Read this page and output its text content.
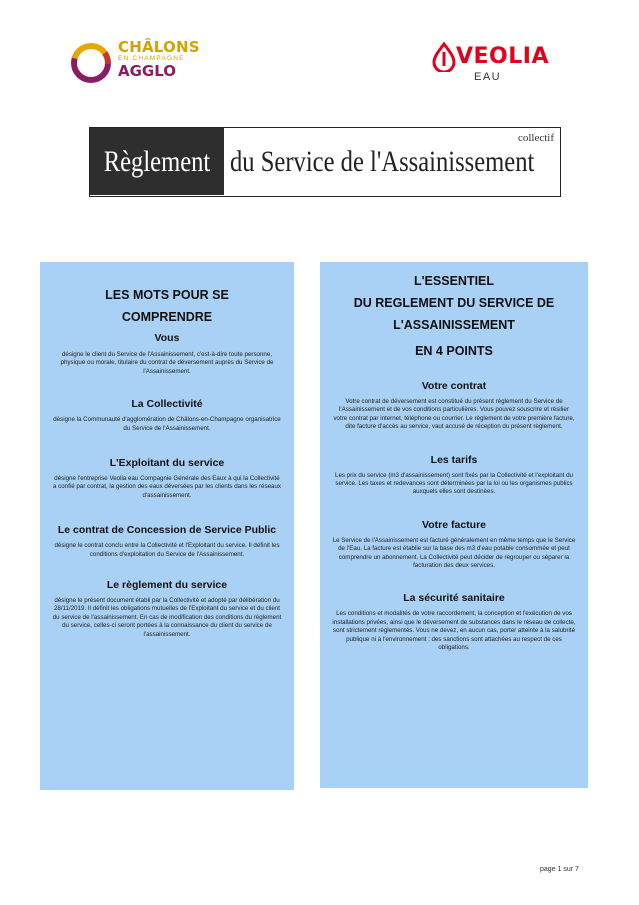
CHÂLONS
EN CHAMPAGNE
AGGLO
VEOLIA
EAU
Règlement du Service de l'Assainissement
collectif
LES MOTS POUR SE
COMPRENDRE
Vous
désigne le client du Service de l'Assainissement, c'est-à-dire toute personne, physique ou morale, titulaire du contrat de déversement auprès du Service de l'Assainissement.
La Collectivité
désigne la Communauté d'agglomération de Châlons-en-Champagne organisatrice du Service de l'Assainissement.
L'Exploitant du service
désigne l'entreprise Veolia eau Compagnie Générale des Eaux à qui la Collectivité a confié par contrat, la gestion des eaux déversées par les clients dans les réseaux d'assainissement.
Le contrat de Concession de Service Public
désigne le contrat conclu entre la Collectivité et l'Exploitant du service. Il définit les conditions d'exploitation du Service de l'Assainissement.
Le règlement du service
désigne le présent document établi par la Collectivité et adopté par délibération du 28/11/2019. Il définit les obligations mutuelles de l'Exploitant du service et du client du service de l'assainissement. En cas de modification des conditions du règlement du service, celles-ci seront portées à la connaissance du client du service de l'assainissement.
L'ESSENTIEL
DU REGLEMENT DU SERVICE DE
L'ASSAINISSEMENT
EN 4 POINTS
Votre contrat
Votre contrat de déversement est constitué du présent règlement du Service de l'Assainissement et de vos conditions particulières. Vous pouvez souscrire et résilier votre contrat par internet, téléphone ou courrier. Le règlement de votre première facture, dite facture d'accès au service, vaut accusé de réception du présent règlement.
Les tarifs
Les prix du service (m3 d'assainissement) sont fixés par la Collectivité et l'exploitant du service. Les taxes et redevances sont déterminées par la loi ou les organismes publics auxquels elles sont destinées.
Votre facture
Le Service de l'Assainissement est facturé généralement en même temps que le Service de l'Eau. La facture est établie sur la base des m3 d'eau potable consommée et peut comprendre un abonnement. La Collectivité peut décider de regrouper ou séparer la facturation des deux services.
La sécurité sanitaire
Les conditions et modalités de votre raccordement, la conception et l'exécution de vos installations privées, ainsi que le déversement de substances dans le réseau de collecte, sont strictement réglementés. Vous ne devez, en aucun cas, porter atteinte à la salubrité publique ni à l'environnement : des sanctions sont attachées au respect de ces obligations.
page 1 sur 7
